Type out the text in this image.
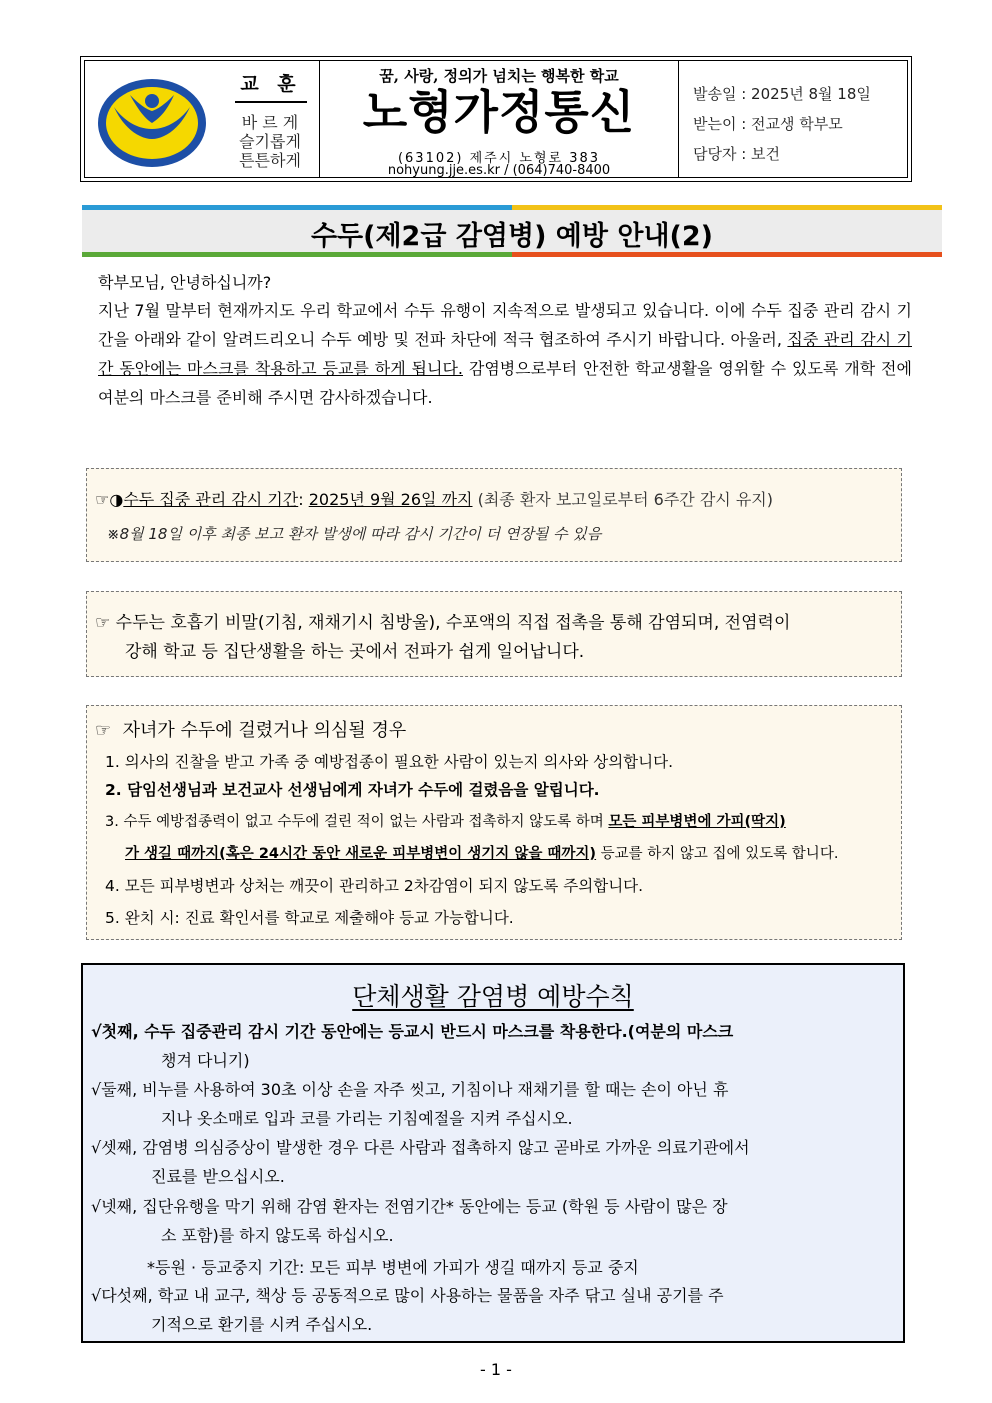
교 훈
바 르 게
슬기롭게
튼튼하게
꿈, 사랑, 정의가 넘치는 행복한 학교
노형가정통신
(63102) 제주시 노형로 383
nohyung.jje.es.kr / (064)740-8400
발송일 : 2025년 8월 18일
받는이 : 전교생 학부모
담당자 : 보건
수두(제2급 감염병) 예방 안내(2)
학부모님, 안녕하십니까?
지난 7월 말부터 현재까지도 우리 학교에서 수두 유행이 지속적으로 발생되고 있습니다. 이에 수두 집중 관리 감시 기간을 아래와 같이 알려드리오니 수두 예방 및 전파 차단에 적극 협조하여 주시기 바랍니다. 아울러, 집중 관리 감시 기간 동안에는 마스크를 착용하고 등교를 하게 됩니다. 감염병으로부터 안전한 학교생활을 영위할 수 있도록 개학 전에 여분의 마스크를 준비해 주시면 감사하겠습니다.
☞◑수두 집중 관리 감시 기간: 2025년 9월 26일 까지 (최종 환자 보고일로부터 6주간 감시 유지)
※8월 18일 이후 최종 보고 환자 발생에 따라 감시 기간이 더 연장될 수 있음
☞ 수두는 호흡기 비말(기침, 재채기시 침방울), 수포액의 직접 접촉을 통해 감염되며, 전염력이
강해 학교 등 집단생활을 하는 곳에서 전파가 쉽게 일어납니다.
☞ 자녀가 수두에 걸렸거나 의심될 경우
1. 의사의 진찰을 받고 가족 중 예방접종이 필요한 사람이 있는지 의사와 상의합니다.
2. 담임선생님과 보건교사 선생님에게 자녀가 수두에 걸렸음을 알립니다.
3. 수두 예방접종력이 없고 수두에 걸린 적이 없는 사람과 접촉하지 않도록 하며 모든 피부병변에 가피(딱지)
가 생길 때까지(혹은 24시간 동안 새로운 피부병변이 생기지 않을 때까지) 등교를 하지 않고 집에 있도록 합니다.
4. 모든 피부병변과 상처는 깨끗이 관리하고 2차감염이 되지 않도록 주의합니다.
5. 완치 시: 진료 확인서를 학교로 제출해야 등교 가능합니다.
단체생활 감염병 예방수칙
√첫째, 수두 집중관리 감시 기간 동안에는 등교시 반드시 마스크를 착용한다.(여분의 마스크
챙겨 다니기)
√둘째, 비누를 사용하여 30초 이상 손을 자주 씻고, 기침이나 재채기를 할 때는 손이 아닌 휴
지나 옷소매로 입과 코를 가리는 기침예절을 지켜 주십시오.
√셋째, 감염병 의심증상이 발생한 경우 다른 사람과 접촉하지 않고 곧바로 가까운 의료기관에서
진료를 받으십시오.
√넷째, 집단유행을 막기 위해 감염 환자는 전염기간* 동안에는 등교 (학원 등 사람이 많은 장
소 포함)를 하지 않도록 하십시오.
*등원 · 등교중지 기간: 모든 피부 병변에 가피가 생길 때까지 등교 중지
√다섯째, 학교 내 교구, 책상 등 공동적으로 많이 사용하는 물품을 자주 닦고 실내 공기를 주
기적으로 환기를 시켜 주십시오.
- 1 -
